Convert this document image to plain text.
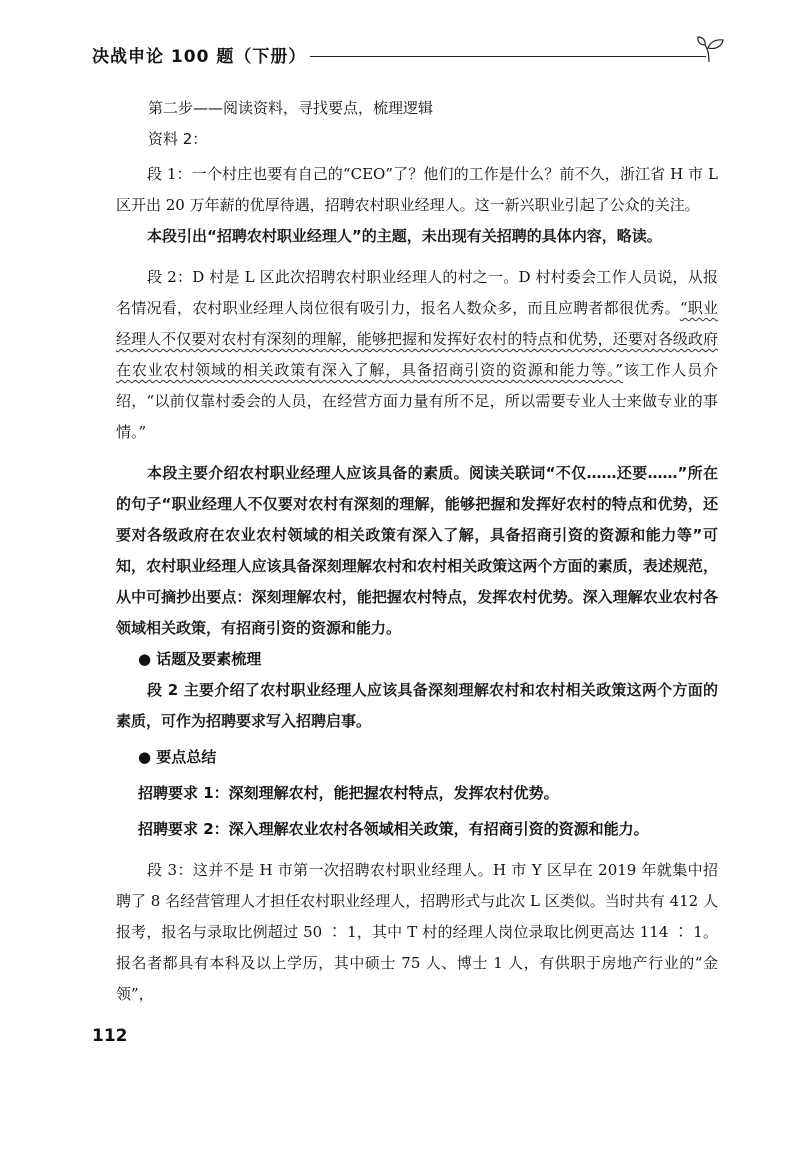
决战申论 100 题（下册）

第二步——阅读资料，寻找要点，梳理逻辑

资料 2：

段 1：一个村庄也要有自己的“CEO”了？他们的工作是什么？前不久，浙江省 H 市 L 区开出 20 万年薪的优厚待遇，招聘农村职业经理人。这一新兴职业引起了公众的关注。

本段引出“招聘农村职业经理人”的主题，未出现有关招聘的具体内容，略读。

段 2：D 村是 L 区此次招聘农村职业经理人的村之一。D 村村委会工作人员说，从报名情况看，农村职业经理人岗位很有吸引力，报名人数众多，而且应聘者都很优秀。“职业经理人不仅要对农村有深刻的理解，能够把握和发挥好农村的特点和优势，还要对各级政府在农业农村领域的相关政策有深入了解，具备招商引资的资源和能力等。”该工作人员介绍，“以前仅靠村委会的人员，在经营方面力量有所不足，所以需要专业人士来做专业的事情。”

本段主要介绍农村职业经理人应该具备的素质。阅读关联词“不仅……还要……”所在的句子“职业经理人不仅要对农村有深刻的理解，能够把握和发挥好农村的特点和优势，还要对各级政府在农业农村领域的相关政策有深入了解，具备招商引资的资源和能力等”可知，农村职业经理人应该具备深刻理解农村和农村相关政策这两个方面的素质，表述规范，从中可摘抄出要点：深刻理解农村，能把握农村特点，发挥农村优势。深入理解农业农村各领域相关政策，有招商引资的资源和能力。

● 话题及要素梳理

段 2 主要介绍了农村职业经理人应该具备深刻理解农村和农村相关政策这两个方面的素质，可作为招聘要求写入招聘启事。

● 要点总结

招聘要求 1：深刻理解农村，能把握农村特点，发挥农村优势。

招聘要求 2：深入理解农业农村各领域相关政策，有招商引资的资源和能力。

段 3：这并不是 H 市第一次招聘农村职业经理人。H 市 Y 区早在 2019 年就集中招聘了 8 名经营管理人才担任农村职业经理人，招聘形式与此次 L 区类似。当时共有 412 人报考，报名与录取比例超过 50 ∶ 1，其中 T 村的经理人岗位录取比例更高达 114 ∶ 1。报名者都具有本科及以上学历，其中硕士 75 人、博士 1 人，有供职于房地产行业的“金领”，

112
